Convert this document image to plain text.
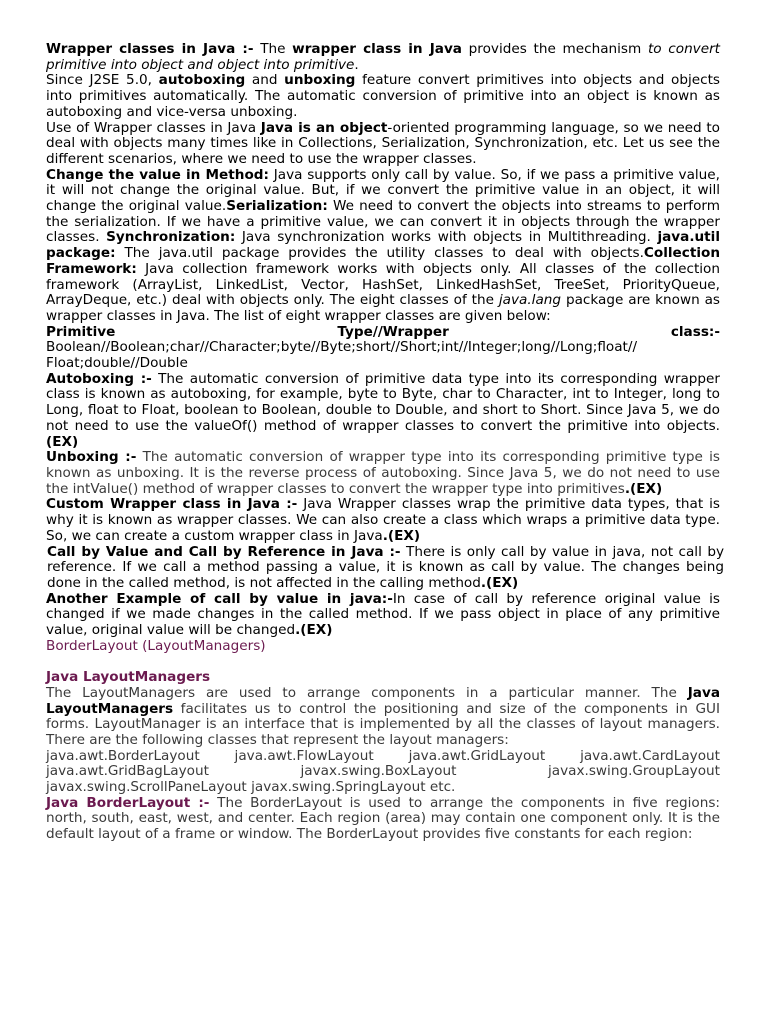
Wrapper classes in Java :- The wrapper class in Java provides the mechanism to convert primitive into object and object into primitive.

Since J2SE 5.0, autoboxing and unboxing feature convert primitives into objects and objects into primitives automatically. The automatic conversion of primitive into an object is known as autoboxing and vice-versa unboxing.

Use of Wrapper classes in Java Java is an object-oriented programming language, so we need to deal with objects many times like in Collections, Serialization, Synchronization, etc. Let us see the different scenarios, where we need to use the wrapper classes.

Change the value in Method: Java supports only call by value. So, if we pass a primitive value, it will not change the original value. But, if we convert the primitive value in an object, it will change the original value.Serialization: We need to convert the objects into streams to perform the serialization. If we have a primitive value, we can convert it in objects through the wrapper classes. Synchronization: Java synchronization works with objects in Multithreading. java.util package: The java.util package provides the utility classes to deal with objects.Collection Framework: Java collection framework works with objects only. All classes of the collection framework (ArrayList, LinkedList, Vector, HashSet, LinkedHashSet, TreeSet, PriorityQueue, ArrayDeque, etc.) deal with objects only. The eight classes of the java.lang package are known as wrapper classes in Java. The list of eight wrapper classes are given below:

Primitive Type//Wrapper class:-

Boolean//Boolean;char//Character;byte//Byte;short//Short;int//Integer;long//Long;float//
Float;double//Double

Autoboxing :- The automatic conversion of primitive data type into its corresponding wrapper class is known as autoboxing, for example, byte to Byte, char to Character, int to Integer, long to Long, float to Float, boolean to Boolean, double to Double, and short to Short. Since Java 5, we do not need to use the valueOf() method of wrapper classes to convert the primitive into objects.(EX)

Unboxing :- The automatic conversion of wrapper type into its corresponding primitive type is known as unboxing. It is the reverse process of autoboxing. Since Java 5, we do not need to use the intValue() method of wrapper classes to convert the wrapper type into primitives.(EX)

Custom Wrapper class in Java :- Java Wrapper classes wrap the primitive data types, that is why it is known as wrapper classes. We can also create a class which wraps a primitive data type. So, we can create a custom wrapper class in Java.(EX)

Call by Value and Call by Reference in Java :- There is only call by value in java, not call by reference. If we call a method passing a value, it is known as call by value. The changes being done in the called method, is not affected in the calling method.(EX)

Another Example of call by value in java:-In case of call by reference original value is changed if we made changes in the called method. If we pass object in place of any primitive value, original value will be changed.(EX)

BorderLayout (LayoutManagers)

Java LayoutManagers

The LayoutManagers are used to arrange components in a particular manner. The Java LayoutManagers facilitates us to control the positioning and size of the components in GUI forms. LayoutManager is an interface that is implemented by all the classes of layout managers. There are the following classes that represent the layout managers:

java.awt.BorderLayout java.awt.FlowLayout java.awt.GridLayout java.awt.CardLayout

java.awt.GridBagLayout javax.swing.BoxLayout javax.swing.GroupLayout

javax.swing.ScrollPaneLayout javax.swing.SpringLayout etc.

Java BorderLayout :- The BorderLayout is used to arrange the components in five regions: north, south, east, west, and center. Each region (area) may contain one component only. It is the default layout of a frame or window. The BorderLayout provides five constants for each region:
